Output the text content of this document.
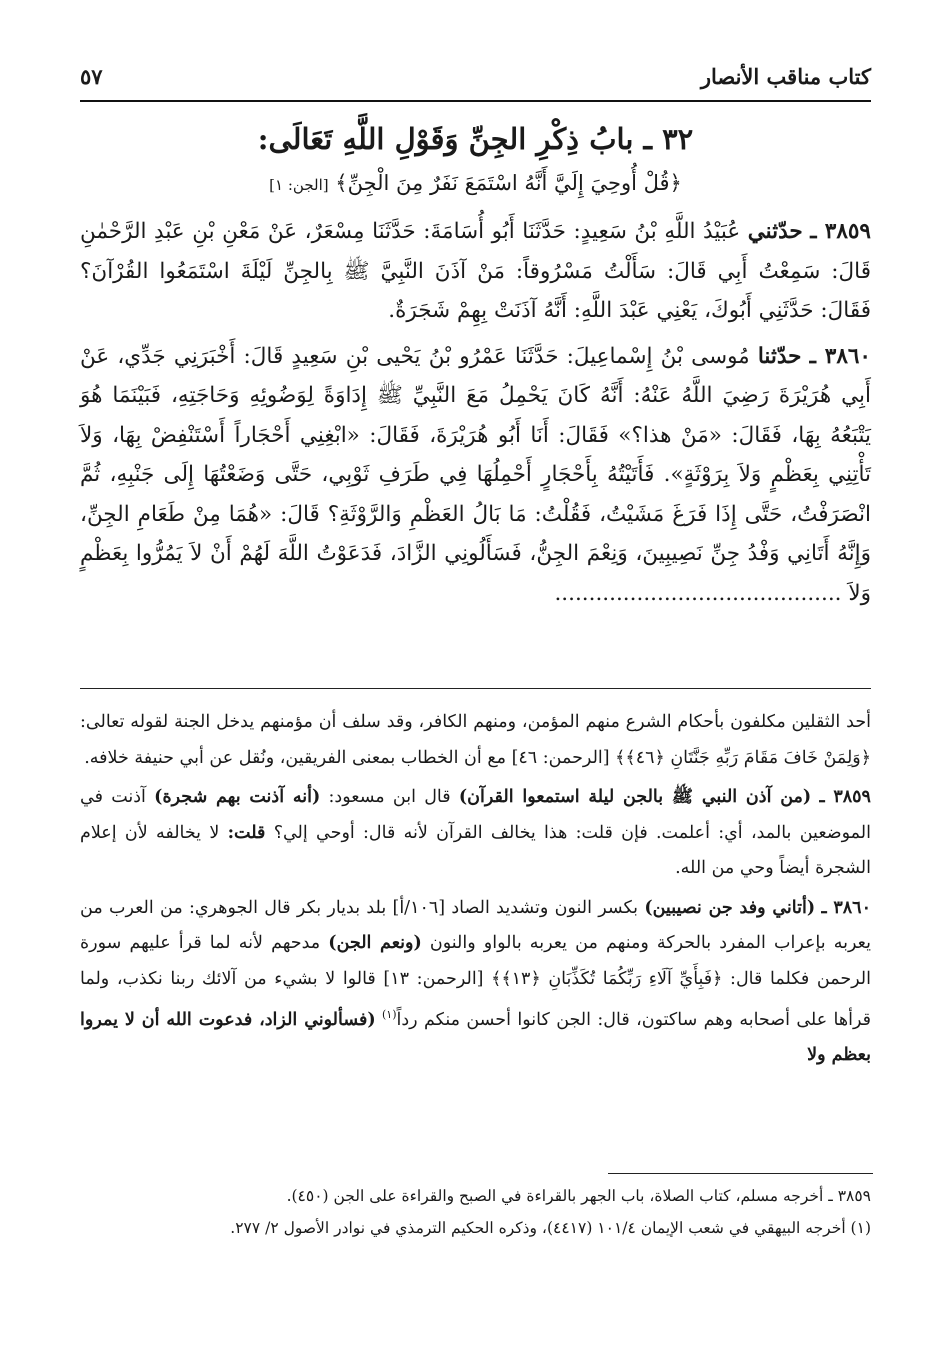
كتاب مناقب الأنصار
٥٧
٣٢ ـ بابُ ذِكْرِ الجِنِّ وَقَوْلِ اللَّهِ تَعَالَى:
﴿قُلْ أُوحِيَ إِلَيَّ أَنَّهُ اسْتَمَعَ نَفَرٌ مِنَ الْجِنِّ﴾ [الجن: ١]

٣٨٥٩ ـ حدّثني عُبَيْدُ اللَّهِ بْنُ سَعِيدٍ: حَدَّثَنَا أَبُو أُسَامَةَ: حَدَّثَنَا مِسْعَرٌ، عَنْ مَعْنِ بْنِ عَبْدِ الرَّحْمٰنِ قَالَ: سَمِعْتُ أَبِي قَالَ: سَأَلْتُ مَسْرُوقاً: مَنْ آذَنَ النَّبِيَّ ﷺ بِالجِنِّ لَيْلَةَ اسْتَمَعُوا القُرْآنَ؟ فَقَالَ: حَدَّثَنِي أَبُوكَ، يَعْنِي عَبْدَ اللَّهِ: أَنَّهُ آذَنَتْ بِهِمْ شَجَرَةٌ.

٣٨٦٠ ـ حدّثنا مُوسى بْنُ إِسْماعِيلَ: حَدَّثَنَا عَمْرُو بْنُ يَحْيى بْنِ سَعِيدٍ قَالَ: أَخْبَرَنِي جَدِّي، عَنْ أَبِي هُرَيْرَةَ رَضِيَ اللَّهُ عَنْهُ: أَنَّهُ كَانَ يَحْمِلُ مَعَ النَّبِيِّ ﷺ إِدَاوَةً لِوَضُوئِهِ وَحَاجَتِهِ، فَبَيْنَمَا هُوَ يَتْبَعُهُ بِهَا، فَقَالَ: «مَنْ هذا؟» فَقَالَ: أَنَا أَبُو هُرَيْرَةَ، فَقَالَ: «ابْغِنِي أَحْجَاراً أَسْتَنْفِضْ بِهَا، وَلاَ تَأْتِنِي بِعَظْمٍ وَلاَ بِرَوْثَةٍ». فَأَتَيْتُهُ بِأَحْجَارٍ أَحْمِلُهَا فِي طَرَفِ ثَوْبِي، حَتَّى وَضَعْتُهَا إِلَى جَنْبِهِ، ثُمَّ انْصَرَفْتُ، حَتَّى إِذَا فَرَغَ مَشَيْتُ، فَقُلْتُ: مَا بَالُ العَظْمِ وَالرَّوْثَةِ؟ قَالَ: «هُمَا مِنْ طَعَامِ الجِنِّ، وَإِنَّهُ أَتَانِي وَفْدُ جِنِّ نَصِيبِينَ، وَنِعْمَ الجِنُّ، فَسَأَلُونِي الزَّادَ، فَدَعَوْتُ اللَّهَ لَهُمْ أَنْ لاَ يَمُرُّوا بِعَظْمٍ وَلاَ ..........................................

أحد الثقلين مكلفون بأحكام الشرع منهم المؤمن، ومنهم الكافر، وقد سلف أن مؤمنهم يدخل الجنة لقوله تعالى: ﴿وَلِمَنْ خَافَ مَقَامَ رَبِّهِ جَنَّتَانِ ﴿٤٦﴾﴾ [الرحمن: ٤٦] مع أن الخطاب بمعنى الفريقين، ونُقل عن أبي حنيفة خلافه.

٣٨٥٩ ـ (من آذن النبي ﷺ بالجن ليلة استمعوا القرآن) قال ابن مسعود: (أنه آذنت بهم شجرة) آذنت في الموضعين بالمد، أي: أعلمت. فإن قلت: هذا يخالف القرآن لأنه قال: أوحي إلي؟ قلت: لا يخالفه لأن إعلام الشجرة أيضاً وحي من الله.

٣٨٦٠ ـ (أتاني وفد جن نصيبين) بكسر النون وتشديد الصاد [١٠٦/أ] بلد بديار بكر قال الجوهري: من العرب من يعربه بإعراب المفرد بالحركة ومنهم من يعربه بالواو والنون (ونعم الجن) مدحهم لأنه لما قرأ عليهم سورة الرحمن فكلما قال: ﴿فَبِأَيِّ آلَاءِ رَبِّكُمَا تُكَذِّبَانِ ﴿١٣﴾﴾ [الرحمن: ١٣] قالوا لا بشيء من آلائك ربنا نكذب، ولما قرأها على أصحابه وهم ساكتون، قال: الجن كانوا أحسن منكم رداً$^{(١)}$ (فسألوني الزاد، فدعوت الله أن لا يمروا بعظم ولا

٣٨٥٩ ـ أخرجه مسلم، كتاب الصلاة، باب الجهر بالقراءة في الصبح والقراءة على الجن (٤٥٠).

(١) أخرجه البيهقي في شعب الإيمان ١٠١/٤ (٤٤١٧)، وذكره الحكيم الترمذي في نوادر الأصول ٢/ ٢٧٧.
